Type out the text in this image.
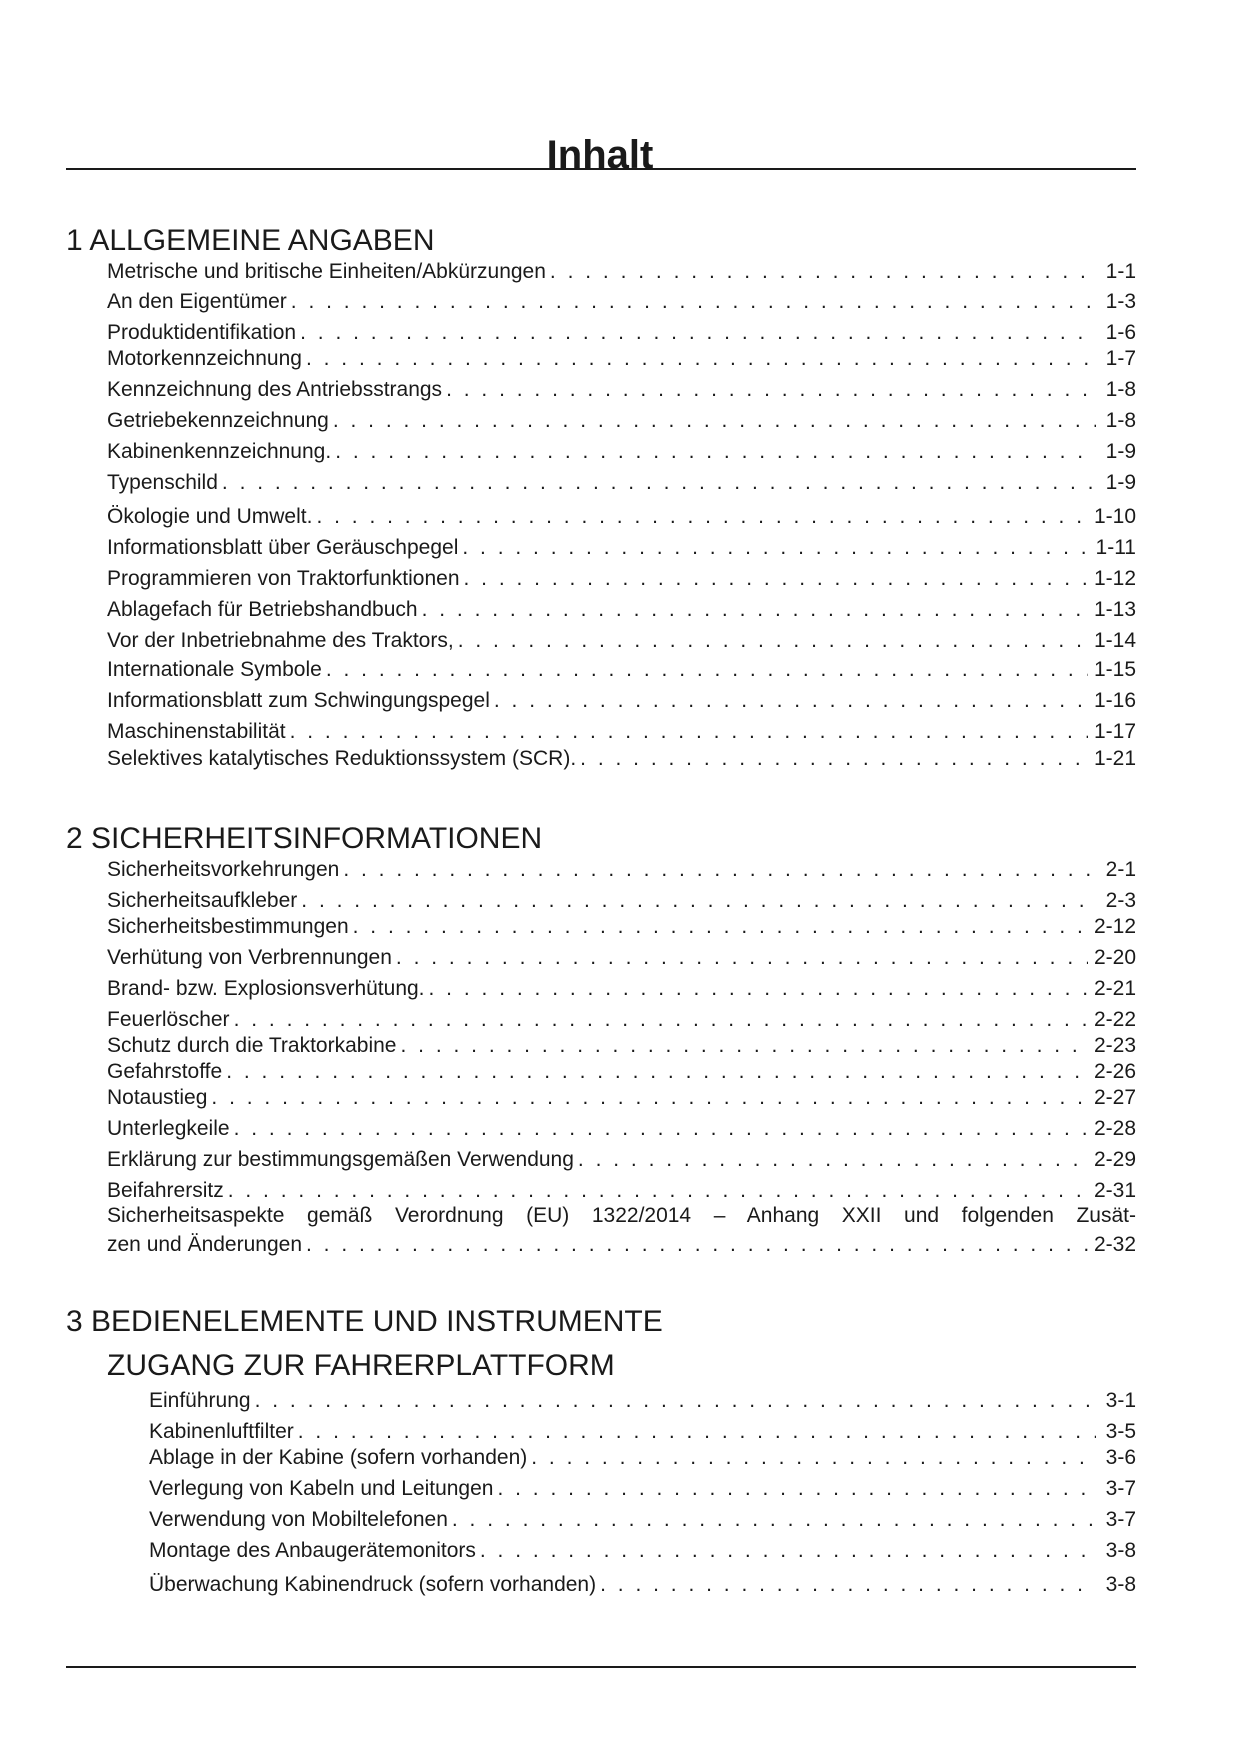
Inhalt
1 ALLGEMEINE ANGABEN
Metrische und britische Einheiten/Abkürzungen . . .	1-1
An den Eigentümer . . .	1-3
Produktidentifikation . . .	1-6
Motorkennzeichnung . . .	1-7
Kennzeichnung des Antriebsstrangs . . .	1-8
Getriebekennzeichnung . . .	1-8
Kabinenkennzeichnung. . . .	1-9
Typenschild . . .	1-9
Ökologie und Umwelt. . . .	1-10
Informationsblatt über Geräuschpegel . . .	1-11
Programmieren von Traktorfunktionen . . .	1-12
Ablagefach für Betriebshandbuch . . .	1-13
Vor der Inbetriebnahme des Traktors, . . .	1-14
Internationale Symbole . . .	1-15
Informationsblatt zum Schwingungspegel . . .	1-16
Maschinenstabilität . . .	1-17
Selektives katalytisches Reduktionssystem (SCR). . . .	1-21
2 SICHERHEITSINFORMATIONEN
Sicherheitsvorkehrungen . . .	2-1
Sicherheitsaufkleber . . .	2-3
Sicherheitsbestimmungen . . .	2-12
Verhütung von Verbrennungen . . .	2-20
Brand- bzw. Explosionsverhütung. . . .	2-21
Feuerlöscher . . .	2-22
Schutz durch die Traktorkabine . . .	2-23
Gefahrstoffe . . .	2-26
Notaustieg . . .	2-27
Unterlegkeile . . .	2-28
Erklärung zur bestimmungsgemäßen Verwendung . . .	2-29
Beifahrersitz . . .	2-31
Sicherheitsaspekte gemäß Verordnung (EU) 1322/2014 – Anhang XXII und folgenden Zusät-
zen und Änderungen . . .	2-32
3 BEDIENELEMENTE UND INSTRUMENTE
ZUGANG ZUR FAHRERPLATTFORM
Einführung . . .	3-1
Kabinenluftfilter . . .	3-5
Ablage in der Kabine (sofern vorhanden) . . .	3-6
Verlegung von Kabeln und Leitungen . . .	3-7
Verwendung von Mobiltelefonen . . .	3-7
Montage des Anbaugerätemonitors . . .	3-8
Überwachung Kabinendruck (sofern vorhanden) . . .	3-8
